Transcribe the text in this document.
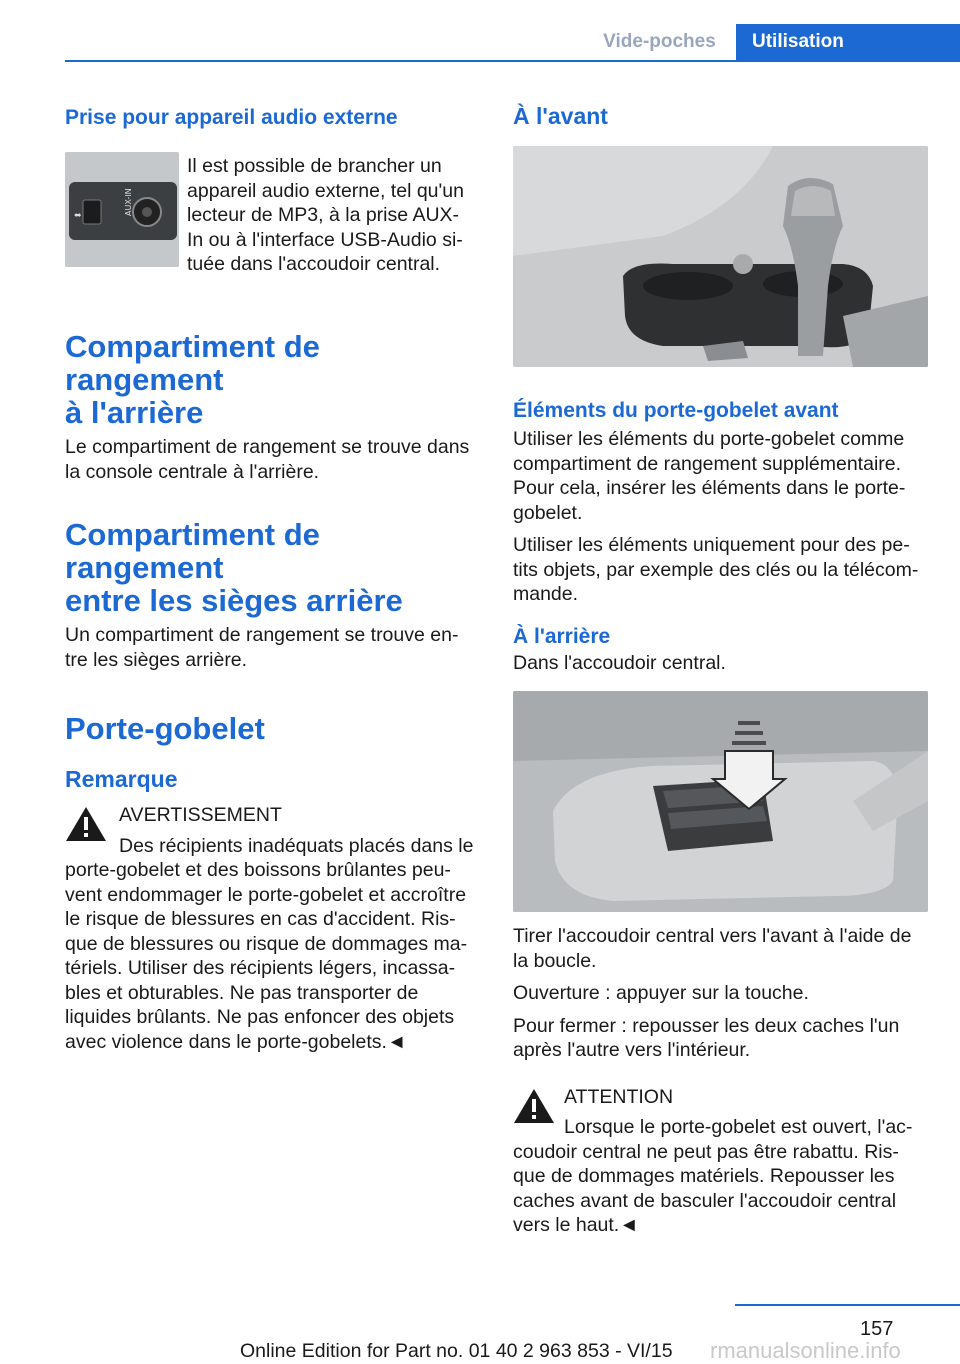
Vide-poches	Utilisation
Prise pour appareil audio externe
⬌	AUX-IN

Il est possible de brancher un

appareil audio externe, tel qu'un

lecteur de MP3, à la prise AUX-

In ou à l'interface USB-Audio si-

tuée dans l'accoudoir central.

Compartiment de rangement
à l'arrière

Le compartiment de rangement se trouve dans la console centrale à l'arrière.

Compartiment de rangement
entre les sièges arrière

Un compartiment de rangement se trouve en-tre les sièges arrière.

Porte-gobelet
Remarque

AVERTISSEMENT

Des récipients inadéquats placés dans le

porte-gobelet et des boissons brûlantes peu-vent endommager le porte-gobelet et accroître le risque de blessures en cas d'accident. Ris-que de blessures ou risque de dommages ma-tériels. Utiliser des récipients légers, incassa-bles et obturables. Ne pas transporter de liquides brûlants. Ne pas enfoncer des objets avec violence dans le porte-gobelets.◄

À l'avant
Éléments du porte-gobelet avant

Utiliser les éléments du porte-gobelet comme compartiment de rangement supplémentaire. Pour cela, insérer les éléments dans le porte-gobelet.

Utiliser les éléments uniquement pour des pe-tits objets, par exemple des clés ou la télécom-mande.

À l'arrière

Dans l'accoudoir central.

Tirer l'accoudoir central vers l'avant à l'aide de la boucle.

Ouverture : appuyer sur la touche.

Pour fermer : repousser les deux caches l'un après l'autre vers l'intérieur.

ATTENTION

Lorsque le porte-gobelet est ouvert, l'ac-

coudoir central ne peut pas être rabattu. Ris-que de dommages matériels. Repousser les caches avant de basculer l'accoudoir central vers le haut.◄

157
Online Edition for Part no. 01 40 2 963 853 - VI/15 rmanualsonline.info
